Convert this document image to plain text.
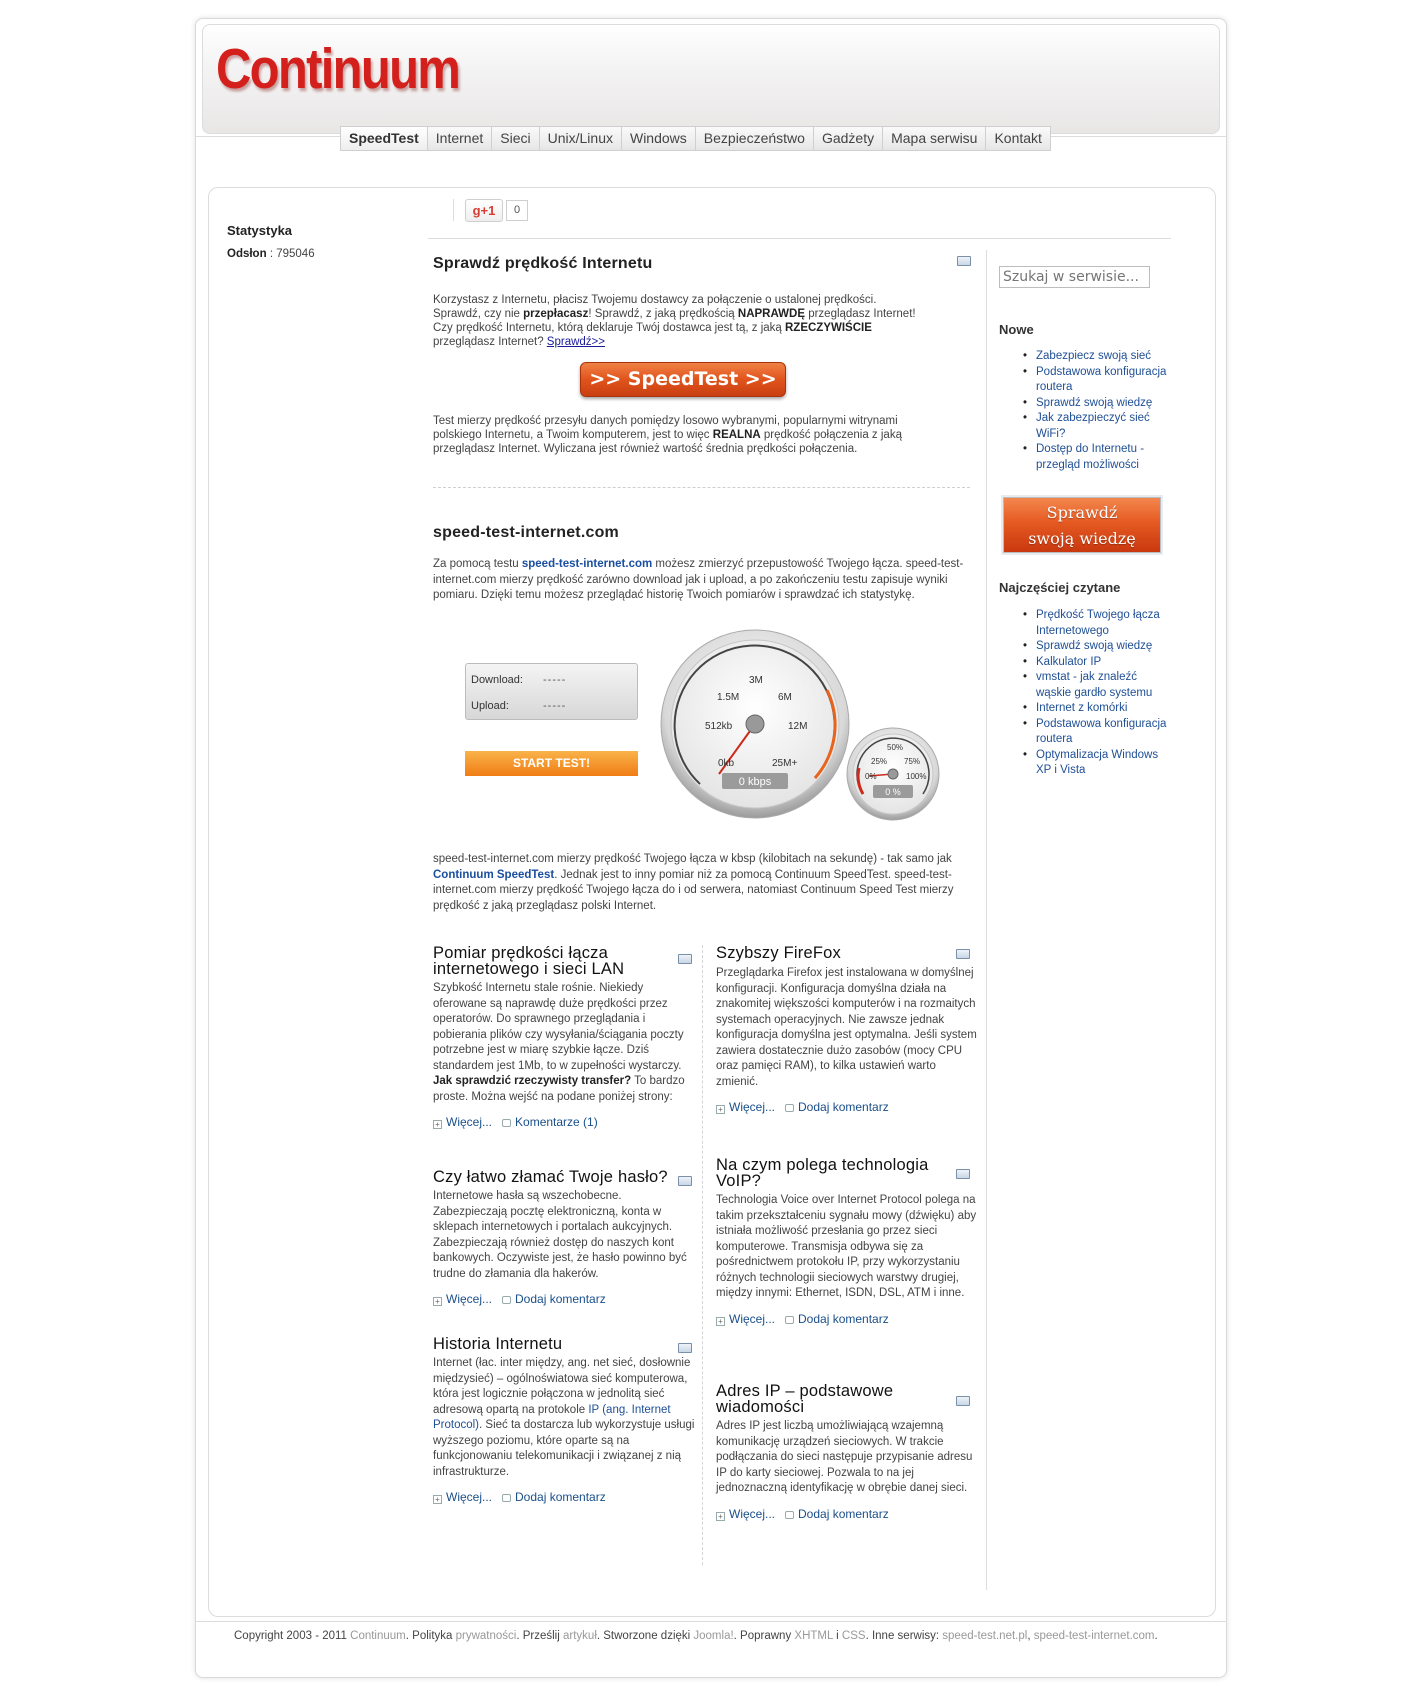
Continuum
SpeedTest	Internet	Sieci	Unix/Linux	Windows	Bezpieczeństwo	Gadżety	Mapa serwisu	Kontakt
Statystyka
Odsłon : 795046
g+1	0
Sprawdź prędkość Internetu
Korzystasz z Internetu, płacisz Twojemu dostawcy za połączenie o ustalonej prędkości.
Sprawdź, czy nie przepłacasz! Sprawdź, z jaką prędkością NAPRAWDĘ przeglądasz Internet!
Czy prędkość Internetu, którą deklaruje Twój dostawca jest tą, z jaką RZECZYWIŚCIE
przeglądasz Internet? Sprawdź>>
>> SpeedTest >>
Test mierzy prędkość przesyłu danych pomiędzy losowo wybranymi, popularnymi witrynami
polskiego Internetu, a Twoim komputerem, jest to więc REALNA prędkość połączenia z jaką
przeglądasz Internet. Wyliczana jest również wartość średnia prędkości połączenia.
speed-test-internet.com
Za pomocą testu speed-test-internet.com możesz zmierzyć przepustowość Twojego łącza. speed-test-internet.com mierzy prędkość zarówno download jak i upload, a po zakończeniu testu zapisuje wyniki pomiaru. Dzięki temu możesz przeglądać historię Twoich pomiarów i sprawdzać ich statystykę.
Download: -----
Upload:	-----
START TEST!	0kb
512kb
1.5M
3M
6M
12M
25M+
0 kbps	0%
25%
50%
75%
100%
0 %
speed-test-internet.com mierzy prędkość Twojego łącza w kbsp (kilobitach na sekundę) - tak samo jak Continuum SpeedTest. Jednak jest to inny pomiar niż za pomocą Continuum SpeedTest. speed-test-internet.com mierzy prędkość Twojego łącza do i od serwera, natomiast Continuum Speed Test mierzy prędkość z jaką przeglądasz polski Internet.
Pomiar prędkości łącza internetowego i sieci LAN
Szybkość Internetu stale rośnie. Niekiedy oferowane są naprawdę duże prędkości przez operatorów. Do sprawnego przeglądania i pobierania plików czy wysyłania/ściągania poczty potrzebne jest w miarę szybkie łącze. Dziś standardem jest 1Mb, to w zupełności wystarczy. Jak sprawdzić rzeczywisty transfer? To bardzo proste. Można wejść na podane poniżej strony:
+ Więcej... Komentarze (1)
Czy łatwo złamać Twoje hasło?
Internetowe hasła są wszechobecne. Zabezpieczają pocztę elektroniczną, konta w sklepach internetowych i portalach aukcyjnych. Zabezpieczają również dostęp do naszych kont bankowych. Oczywiste jest, że hasło powinno być trudne do złamania dla hakerów.
+ Więcej... Dodaj komentarz
Historia Internetu
Internet (łac. inter między, ang. net sieć, dosłownie międzysieć) – ogólnoświatowa sieć komputerowa, która jest logicznie połączona w jednolitą sieć adresową opartą na protokole IP (ang. Internet Protocol). Sieć ta dostarcza lub wykorzystuje usługi wyższego poziomu, które oparte są na funkcjonowaniu telekomunikacji i związanej z nią infrastrukturze.
+ Więcej... Dodaj komentarz
Szybszy FireFox
Przeglądarka Firefox jest instalowana w domyślnej konfiguracji. Konfiguracja domyślna działa na znakomitej większości komputerów i na rozmaitych systemach operacyjnych. Nie zawsze jednak konfiguracja domyślna jest optymalna. Jeśli system zawiera dostatecznie dużo zasobów (mocy CPU oraz pamięci RAM), to kilka ustawień warto zmienić.
+ Więcej... Dodaj komentarz
Na czym polega technologia VoIP?
Technologia Voice over Internet Protocol polega na takim przekształceniu sygnału mowy (dźwięku) aby istniała możliwość przesłania go przez sieci komputerowe. Transmisja odbywa się za pośrednictwem protokołu IP, przy wykorzystaniu różnych technologii sieciowych warstwy drugiej, między innymi: Ethernet, ISDN, DSL, ATM i inne.
+ Więcej... Dodaj komentarz
Adres IP – podstawowe wiadomości
Adres IP jest liczbą umożliwiającą wzajemną komunikację urządzeń sieciowych. W trakcie podłączania do sieci następuje przypisanie adresu IP do karty sieciowej. Pozwala to na jej jednoznaczną identyfikację w obrębie danej sieci.
+ Więcej... Dodaj komentarz
Szukaj w serwisie...
Nowe
• Zabezpiecz swoją sieć
• Podstawowa konfiguracja routera
• Sprawdź swoją wiedzę
• Jak zabezpieczyć sieć WiFi?
• Dostęp do Internetu - przegląd możliwości
Sprawdź
swoją wiedzę
Najczęściej czytane
• Prędkość Twojego łącza Internetowego
• Sprawdź swoją wiedzę
• Kalkulator IP
• vmstat - jak znaleźć wąskie gardło systemu
• Internet z komórki
• Podstawowa konfiguracja routera
• Optymalizacja Windows XP i Vista
Copyright 2003 - 2011 Continuum. Polityka prywatności. Prześlij artykuł. Stworzone dzięki Joomla!. Poprawny XHTML i CSS. Inne serwisy: speed-test.net.pl, speed-test-internet.com.
